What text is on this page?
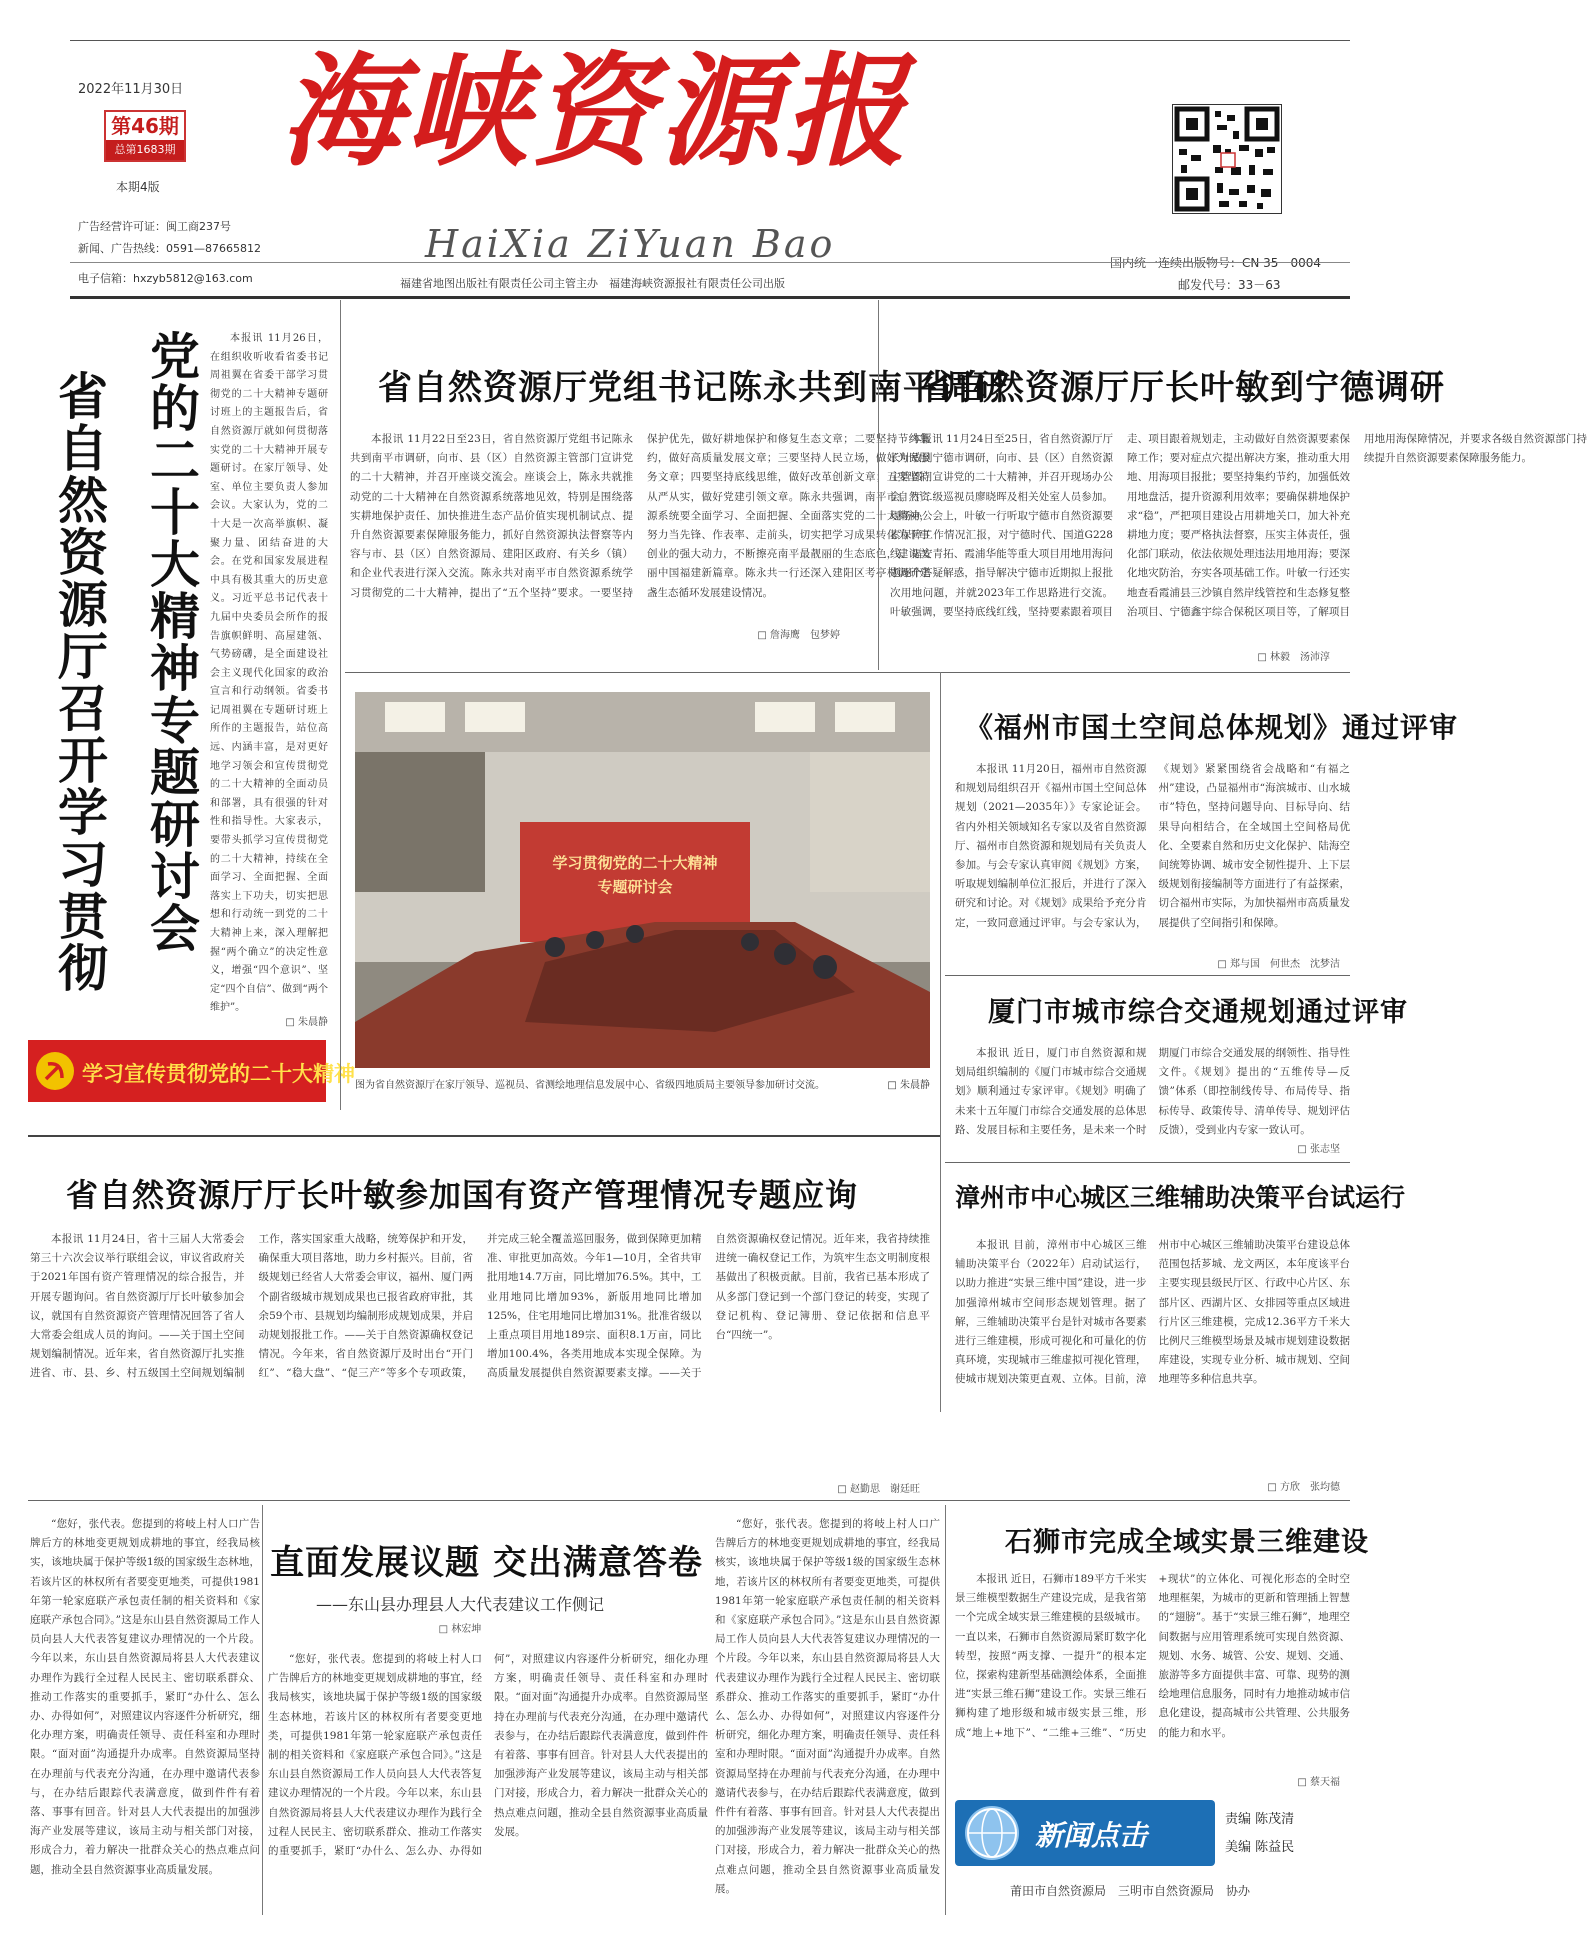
2022年11月30日
第46期
总第1683期
本期4版
广告经营许可证：闽工商237号
新闻、广告热线：0591—87665812
电子信箱：hxzyb5812@163.com
海峡资源报
HaiXia ZiYuan Bao	国内统一连续出版物号：CN 35－0004
邮发代号：33－63
福建省地图出版社有限责任公司主管主办　福建海峡资源报社有限责任公司出版
党的二十大精神专题研讨会
省自然资源厅召开学习贯彻
本报讯 11月26日，在组织收听收看省委书记周祖翼在省委干部学习贯彻党的二十大精神专题研讨班上的主题报告后，省自然资源厅就如何贯彻落实党的二十大精神开展专题研讨。在家厅领导、处室、单位主要负责人参加会议。大家认为，党的二十大是一次高举旗帜、凝聚力量、团结奋进的大会。在党和国家发展进程中具有极其重大的历史意义。习近平总书记代表十九届中央委员会所作的报告旗帜鲜明、高屋建瓴、气势磅礴，是全面建设社会主义现代化国家的政治宣言和行动纲领。省委书记周祖翼在专题研讨班上所作的主题报告，站位高远、内涵丰富，是对更好地学习领会和宣传贯彻党的二十大精神的全面动员和部署，具有很强的针对性和指导性。大家表示，要带头抓学习宣传贯彻党的二十大精神，持续在全面学习、全面把握、全面落实上下功夫，切实把思想和行动统一到党的二十大精神上来，深入理解把握“两个确立”的决定性意义，增强“四个意识”、坚定“四个自信”、做到“两个维护”。
□ 朱晨静
学习宣传贯彻党的二十大精神
省自然资源厅党组书记陈永共到南平调研
本报讯 11月22日至23日，省自然资源厅党组书记陈永共到南平市调研，向市、县（区）自然资源主管部门宣讲党的二十大精神，并召开座谈交流会。座谈会上，陈永共就推动党的二十大精神在自然资源系统落地见效，特别是围绕落实耕地保护责任、加快推进生态产品价值实现机制试点、提升自然资源要素保障服务能力，抓好自然资源执法督察等内容与市、县（区）自然资源局、建阳区政府、有关乡（镇）和企业代表进行深入交流。陈永共对南平市自然资源系统学习贯彻党的二十大精神，提出了“五个坚持”要求。一要坚持保护优先，做好耕地保护和修复生态文章；二要坚持节约集约，做好高质量发展文章；三要坚持人民立场，做好为民服务文章；四要坚持底线思维，做好改革创新文章；五要坚持从严从实，做好党建引领文章。陈永共强调，南平市自然资源系统要全面学习、全面把握、全面落实党的二十大精神，努力当先锋、作表率、走前头，切实把学习成果转化为干事创业的强大动力，不断擦亮南平最靓丽的生态底色，建设美丽中国福建新篇章。陈永共一行还深入建阳区考亭村调研建盏生态循环发展建设情况。
□ 詹海鹰　包梦婷
省自然资源厅厅长叶敏到宁德调研
本报讯 11月24日至25日，省自然资源厅厅长叶敏到宁德市调研，向市、县（区）自然资源主管部门宣讲党的二十大精神，并召开现场办公会。厅二级巡视员廖晓晖及相关处室人员参加。现场办公会上，叶敏一行听取宁德市自然资源要素保障工作情况汇报，对宁德时代、国道G228线、福安青拓、霞浦华能等重大项目用地用海问题逐个答疑解惑，指导解决宁德市近期拟上报批次用地问题，并就2023年工作思路进行交流。叶敏强调，要坚持底线红线，坚持要素跟着项目走、项目跟着规划走，主动做好自然资源要素保障工作；要对症点穴提出解决方案，推动重大用地、用海项目报批；要坚持集约节约，加强低效用地盘活，提升资源利用效率；要确保耕地保护求“稳”，严把项目建设占用耕地关口，加大补充耕地力度；要严格执法督察，压实主体责任，强化部门联动，依法依规处理违法用地用海；要深化地灾防治，夯实各项基础工作。叶敏一行还实地查看霞浦县三沙镇自然岸线管控和生态修复整治项目、宁德鑫宇综合保税区项目等，了解项目用地用海保障情况，并要求各级自然资源部门持续提升自然资源要素保障服务能力。
□ 林毅　汤沛淳
学习贯彻党的二十大精神
专题研讨会
图为省自然资源厅在家厅领导、巡视员、省测绘地理信息发展中心、省级四地质局主要领导参加研讨交流。	□ 朱晨静
《福州市国土空间总体规划》通过评审
本报讯 11月20日，福州市自然资源和规划局组织召开《福州市国土空间总体规划（2021—2035年）》专家论证会。省内外相关领域知名专家以及省自然资源厅、福州市自然资源和规划局有关负责人参加。与会专家认真审阅《规划》方案，听取规划编制单位汇报后，并进行了深入研究和讨论。对《规划》成果给予充分肯定，一致同意通过评审。与会专家认为，《规划》紧紧围绕省会战略和“有福之州”建设，凸显福州市“海滨城市、山水城市”特色，坚持问题导向、目标导向、结果导向相结合，在全域国土空间格局优化、全要素自然和历史文化保护、陆海空间统筹协调、城市安全韧性提升、上下层级规划衔接编制等方面进行了有益探索，切合福州市实际，为加快福州市高质量发展提供了空间指引和保障。
□ 郑与国　何世杰　沈梦洁
厦门市城市综合交通规划通过评审
本报讯 近日，厦门市自然资源和规划局组织编制的《厦门市城市综合交通规划》顺利通过专家评审。《规划》明确了未来十五年厦门市综合交通发展的总体思路、发展目标和主要任务，是未来一个时期厦门市综合交通发展的纲领性、指导性文件。《规划》提出的“五维传导—反馈”体系（即控制线传导、布局传导、指标传导、政策传导、清单传导、规划评估反馈），受到业内专家一致认可。
□ 张志坚
省自然资源厅厅长叶敏参加国有资产管理情况专题应询
本报讯 11月24日，省十三届人大常委会第三十六次会议举行联组会议，审议省政府关于2021年国有资产管理情况的综合报告，并开展专题询问。省自然资源厅厅长叶敏参加会议，就国有自然资源资产管理情况回答了省人大常委会组成人员的询问。——关于国土空间规划编制情况。近年来，省自然资源厅扎实推进省、市、县、乡、村五级国土空间规划编制工作，落实国家重大战略，统筹保护和开发，确保重大项目落地，助力乡村振兴。目前，省级规划已经省人大常委会审议，福州、厦门两个副省级城市规划成果也已报省政府审批，其余59个市、县规划均编制形成规划成果，并启动规划报批工作。——关于自然资源确权登记情况。今年来，省自然资源厅及时出台“开门红”、“稳大盘”、“促三产”等多个专项政策，并完成三轮全覆盖巡回服务，做到保障更加精准、审批更加高效。今年1—10月，全省共审批用地14.7万亩，同比增加76.5%。其中，工业用地同比增加93%，新版用地同比增加125%，住宅用地同比增加31%。批准省级以上重点项目用地189宗、面积8.1万亩，同比增加100.4%，各类用地成本实现全保障。为高质量发展提供自然资源要素支撑。——关于自然资源确权登记情况。近年来，我省持续推进统一确权登记工作，为筑牢生态文明制度根基做出了积极贡献。目前，我省已基本形成了从多部门登记到一个部门登记的转变，实现了登记机构、登记簿册、登记依据和信息平台“四统一”。
□ 赵勤思　谢廷旺
漳州市中心城区三维辅助决策平台试运行
本报讯 目前，漳州市中心城区三维辅助决策平台（2022年）启动试运行，以助力推进“实景三维中国”建设，进一步加强漳州城市空间形态规划管理。据了解，三维辅助决策平台是针对城市各要素进行三维建模，形成可视化和可量化的仿真环境，实现城市三维虚拟可视化管理，使城市规划决策更直观、立体。目前，漳州市中心城区三维辅助决策平台建设总体范围包括芗城、龙文两区，本年度该平台主要实现县级民厅区、行政中心片区、东部片区、西湖片区、女排园等重点区域进行片区三维建模，完成12.36平方千米大比例尺三维模型场景及城市规划建设数据库建设，实现专业分析、城市规划、空间地理等多种信息共享。
□ 方欣　张均德
“您好，张代表。您提到的将岐上村人口广告牌后方的林地变更规划成耕地的事宜，经我局核实，该地块属于保护等级1级的国家级生态林地，若该片区的林权所有者要变更地类，可提供1981年第一轮家庭联产承包责任制的相关资料和《家庭联产承包合同》。”这是东山县自然资源局工作人员向县人大代表答复建议办理情况的一个片段。今年以来，东山县自然资源局将县人大代表建议办理作为践行全过程人民民主、密切联系群众、推动工作落实的重要抓手，紧盯“办什么、怎么办、办得如何”，对照建议内容逐件分析研究，细化办理方案，明确责任领导、责任科室和办理时限。“面对面”沟通提升办成率。自然资源局坚持在办理前与代表充分沟通，在办理中邀请代表参与，在办结后跟踪代表满意度，做到件件有着落、事事有回音。针对县人大代表提出的加强涉海产业发展等建议，该局主动与相关部门对接，形成合力，着力解决一批群众关心的热点难点问题，推动全县自然资源事业高质量发展。
直面发展议题 交出满意答卷
——东山县办理县人大代表建议工作侧记
□ 林宏坤
“您好，张代表。您提到的将岐上村人口广告牌后方的林地变更规划成耕地的事宜，经我局核实，该地块属于保护等级1级的国家级生态林地，若该片区的林权所有者要变更地类，可提供1981年第一轮家庭联产承包责任制的相关资料和《家庭联产承包合同》。”这是东山县自然资源局工作人员向县人大代表答复建议办理情况的一个片段。今年以来，东山县自然资源局将县人大代表建议办理作为践行全过程人民民主、密切联系群众、推动工作落实的重要抓手，紧盯“办什么、怎么办、办得如何”，对照建议内容逐件分析研究，细化办理方案，明确责任领导、责任科室和办理时限。“面对面”沟通提升办成率。自然资源局坚持在办理前与代表充分沟通，在办理中邀请代表参与，在办结后跟踪代表满意度，做到件件有着落、事事有回音。针对县人大代表提出的加强涉海产业发展等建议，该局主动与相关部门对接，形成合力，着力解决一批群众关心的热点难点问题，推动全县自然资源事业高质量发展。
“您好，张代表。您提到的将岐上村人口广告牌后方的林地变更规划成耕地的事宜，经我局核实，该地块属于保护等级1级的国家级生态林地，若该片区的林权所有者要变更地类，可提供1981年第一轮家庭联产承包责任制的相关资料和《家庭联产承包合同》。”这是东山县自然资源局工作人员向县人大代表答复建议办理情况的一个片段。今年以来，东山县自然资源局将县人大代表建议办理作为践行全过程人民民主、密切联系群众、推动工作落实的重要抓手，紧盯“办什么、怎么办、办得如何”，对照建议内容逐件分析研究，细化办理方案，明确责任领导、责任科室和办理时限。“面对面”沟通提升办成率。自然资源局坚持在办理前与代表充分沟通，在办理中邀请代表参与，在办结后跟踪代表满意度，做到件件有着落、事事有回音。针对县人大代表提出的加强涉海产业发展等建议，该局主动与相关部门对接，形成合力，着力解决一批群众关心的热点难点问题，推动全县自然资源事业高质量发展。
石狮市完成全域实景三维建设
本报讯 近日，石狮市189平方千米实景三维模型数据生产建设完成，是我省第一个完成全域实景三维建模的县级城市。一直以来，石狮市自然资源局紧盯数字化转型，按照“两支撑、一提升”的根本定位，探索构建新型基础测绘体系，全面推进“实景三维石狮”建设工作。实景三维石狮构建了地形级和城市级实景三维，形成“地上+地下”、“二维+三维”、“历史+现状”的立体化、可视化形态的全时空地理框架，为城市的更新和管理插上智慧的“翅膀”。基于“实景三维石狮”，地理空间数据与应用管理系统可实现自然资源、规划、水务、城管、公安、规划、交通、旅游等多方面提供丰富、可靠、现势的测绘地理信息服务，同时有力地推动城市信息化建设，提高城市公共管理、公共服务的能力和水平。
□ 蔡天福
新闻点击	责编 陈茂清
美编 陈益民
莆田市自然资源局　三明市自然资源局　协办
